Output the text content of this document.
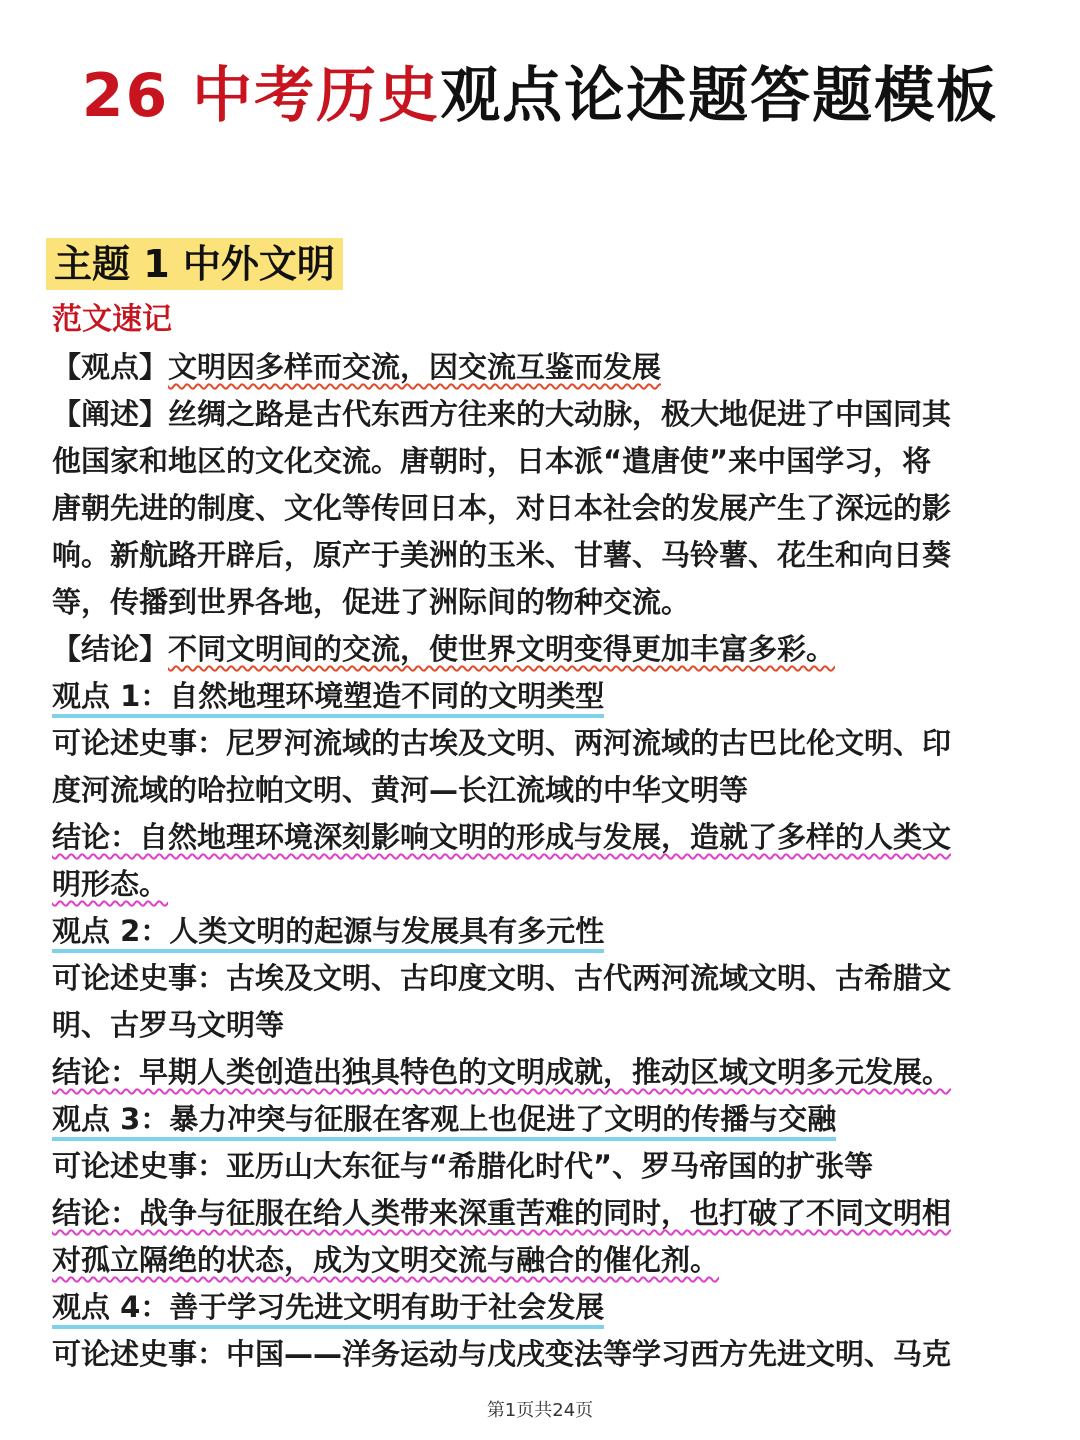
26 中考历史观点论述题答题模板
主题 1 中外文明
范文速记
【观点】文明因多样而交流，因交流互鉴而发展
【阐述】丝绸之路是古代东西方往来的大动脉，极大地促进了中国同其
他国家和地区的文化交流。唐朝时，日本派“遣唐使”来中国学习，将
唐朝先进的制度、文化等传回日本，对日本社会的发展产生了深远的影
响。新航路开辟后，原产于美洲的玉米、甘薯、马铃薯、花生和向日葵
等，传播到世界各地，促进了洲际间的物种交流。
【结论】不同文明间的交流，使世界文明变得更加丰富多彩。
观点 1：自然地理环境塑造不同的文明类型
可论述史事：尼罗河流域的古埃及文明、两河流域的古巴比伦文明、印
度河流域的哈拉帕文明、黄河—长江流域的中华文明等
结论：自然地理环境深刻影响文明的形成与发展，造就了多样的人类文
明形态。
观点 2：人类文明的起源与发展具有多元性
可论述史事：古埃及文明、古印度文明、古代两河流域文明、古希腊文
明、古罗马文明等
结论：早期人类创造出独具特色的文明成就，推动区域文明多元发展。
观点 3：暴力冲突与征服在客观上也促进了文明的传播与交融
可论述史事：亚历山大东征与“希腊化时代”、罗马帝国的扩张等
结论：战争与征服在给人类带来深重苦难的同时，也打破了不同文明相
对孤立隔绝的状态，成为文明交流与融合的催化剂。
观点 4：善于学习先进文明有助于社会发展
可论述史事：中国——洋务运动与戊戌变法等学习西方先进文明、马克
第1页共24页
